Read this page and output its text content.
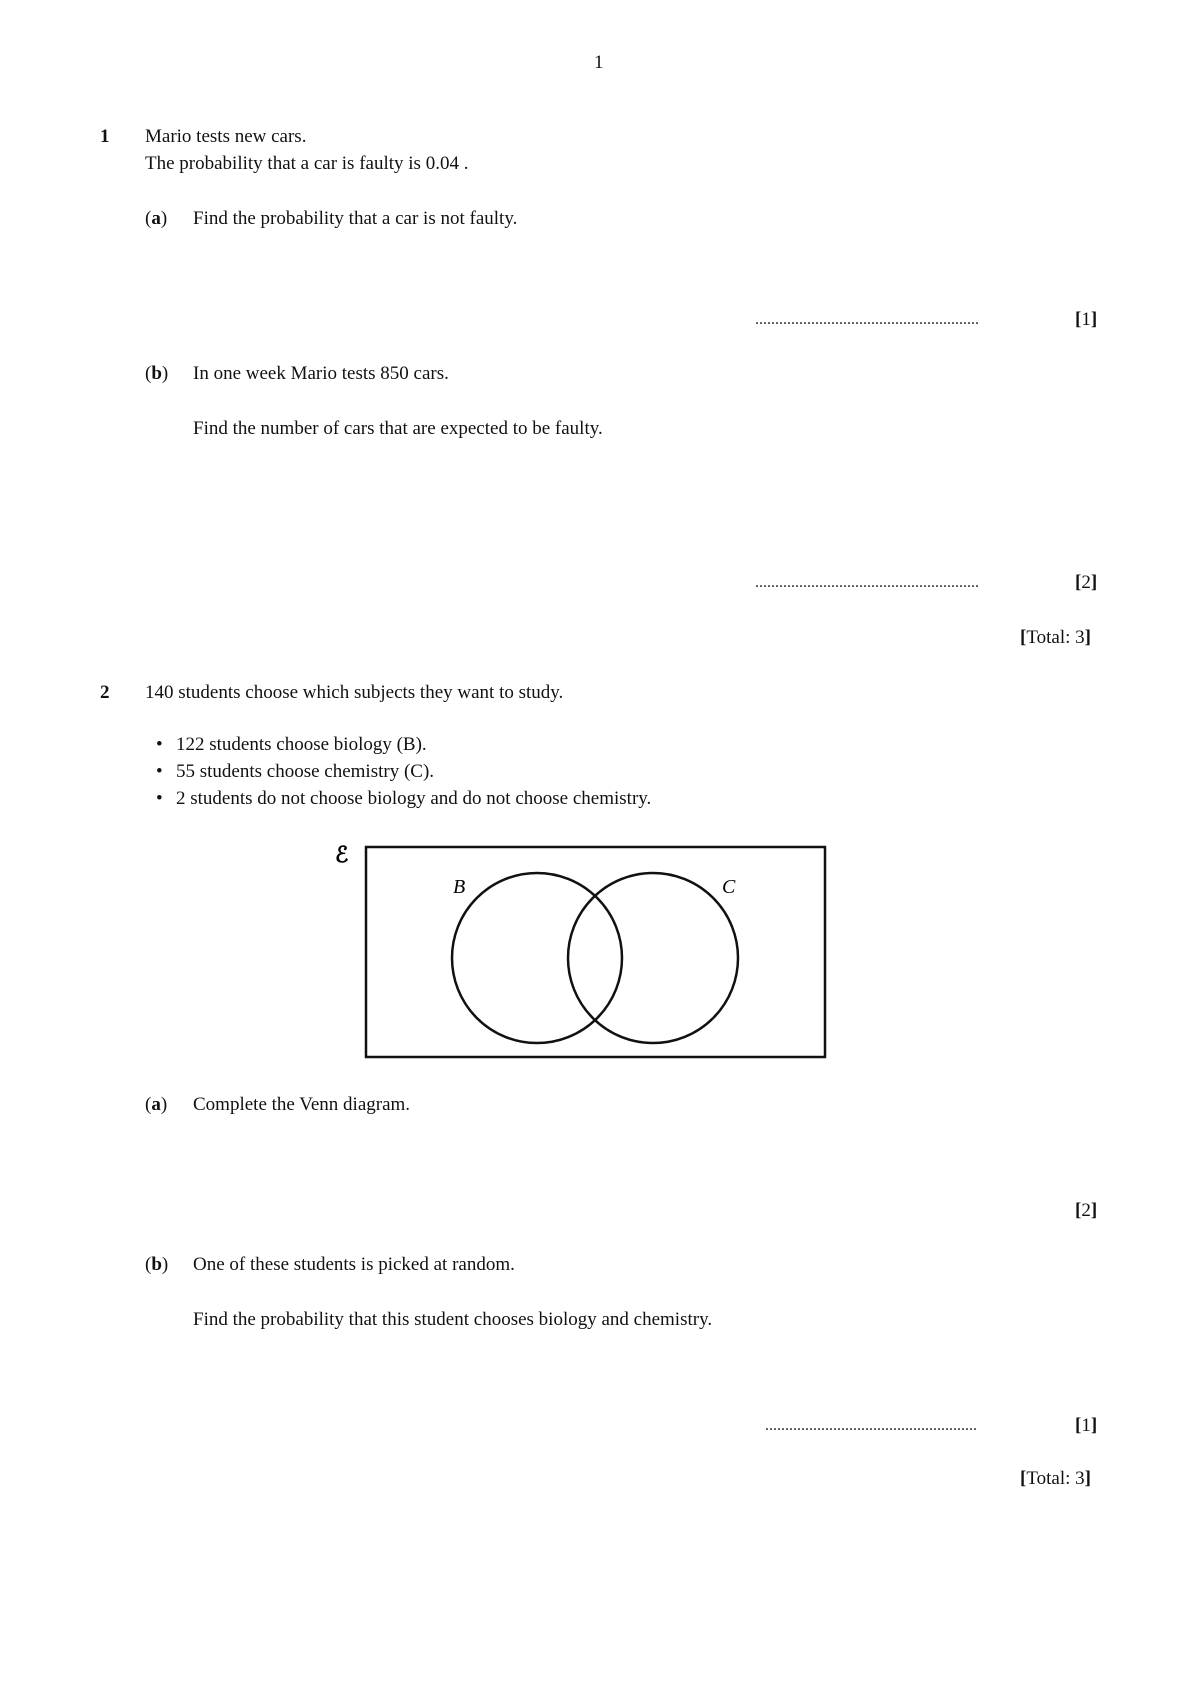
1
1 Mario tests new cars.
The probability that a car is faulty is 0.04 .
(a) Find the probability that a car is not faulty.
........................................................	[1]
(b) In one week Mario tests 850 cars.
Find the number of cars that are expected to be faulty.
........................................................	[2]
[Total: 3]
2 140 students choose which subjects they want to study.
• 122 students choose biology (B).
• 55 students choose chemistry (C).
• 2 students do not choose biology and do not choose chemistry.
ℰ
B	C
(a) Complete the Venn diagram.
[2]
(b) One of these students is picked at random.
Find the probability that this student chooses biology and chemistry.
.....................................................	[1]
[Total: 3]
